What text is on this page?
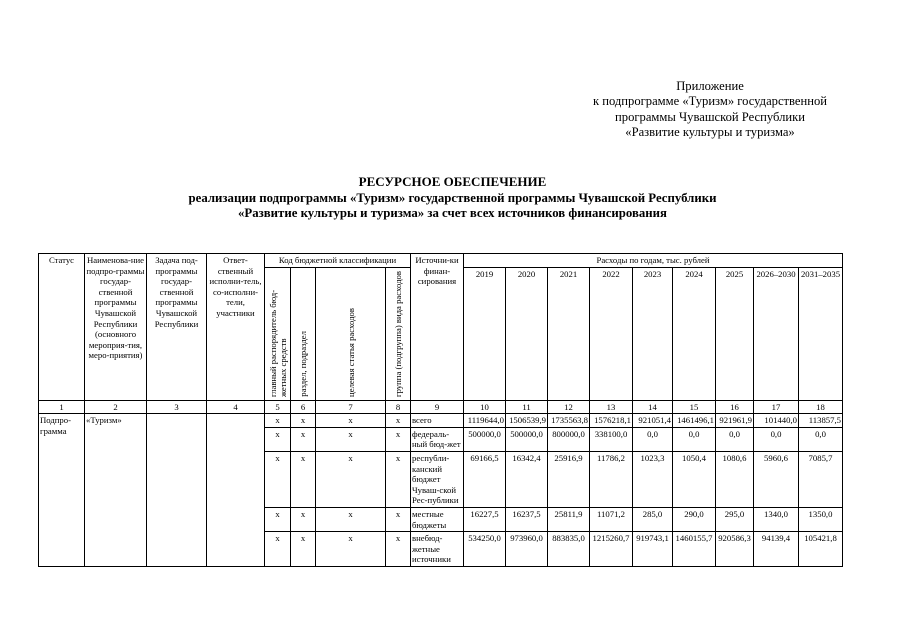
Приложение
к подпрограмме «Туризм» государственной
программы Чувашской Республики
«Развитие культуры и туризма»
РЕСУРСНОЕ ОБЕСПЕЧЕНИЕ
реализации подпрограммы «Туризм» государственной программы Чувашской Республики
«Развитие культуры и туризма» за счет всех источников финансирования
Статус	Наименова-ние подпро-граммы государ-ственной программы Чувашской Республики (основного мероприя-тия, меро-приятия)	Задача под-программы государ-ственной программы Чувашской Республики	Ответ-ственный исполни-тель, со-исполни-тели, участники	Код бюджетной классификации				Источни-ки финан-сирования	Расходы по годам, тыс. рублей								

				главный распорядитель бюд-жетных средств	раздел, подраздел	целевая статья расходов	группа (подгруппа) вида расходов		2019	2020	2021	2022	2023	2024	2025	2026–2030	2031–2035
1	2	3	4	5	6	7	8	9	10	11	12	13	14	15	16	17	18
Подпро-грамма	«Туризм»			х	х	х	х	всего	1119644,0	1506539,9	1735563,8	1576218,1	921051,4	1461496,1	921961,9	101440,0	113857,5
				х	х	х	х	федераль-ный бюд-жет	500000,0	500000,0	800000,0	338100,0	0,0	0,0	0,0	0,0	0,0
				х	х	х	х	республи-канский бюджет Чуваш-ской Рес-публики	69166,5	16342,4	25916,9	11786,2	1023,3	1050,4	1080,6	5960,6	7085,7
				х	х	х	х	местные бюджеты	16227,5	16237,5	25811,9	11071,2	285,0	290,0	295,0	1340,0	1350,0
				х	х	х	х	внебюд-жетные источники	534250,0	973960,0	883835,0	1215260,7	919743,1	1460155,7	920586,3	94139,4	105421,8
